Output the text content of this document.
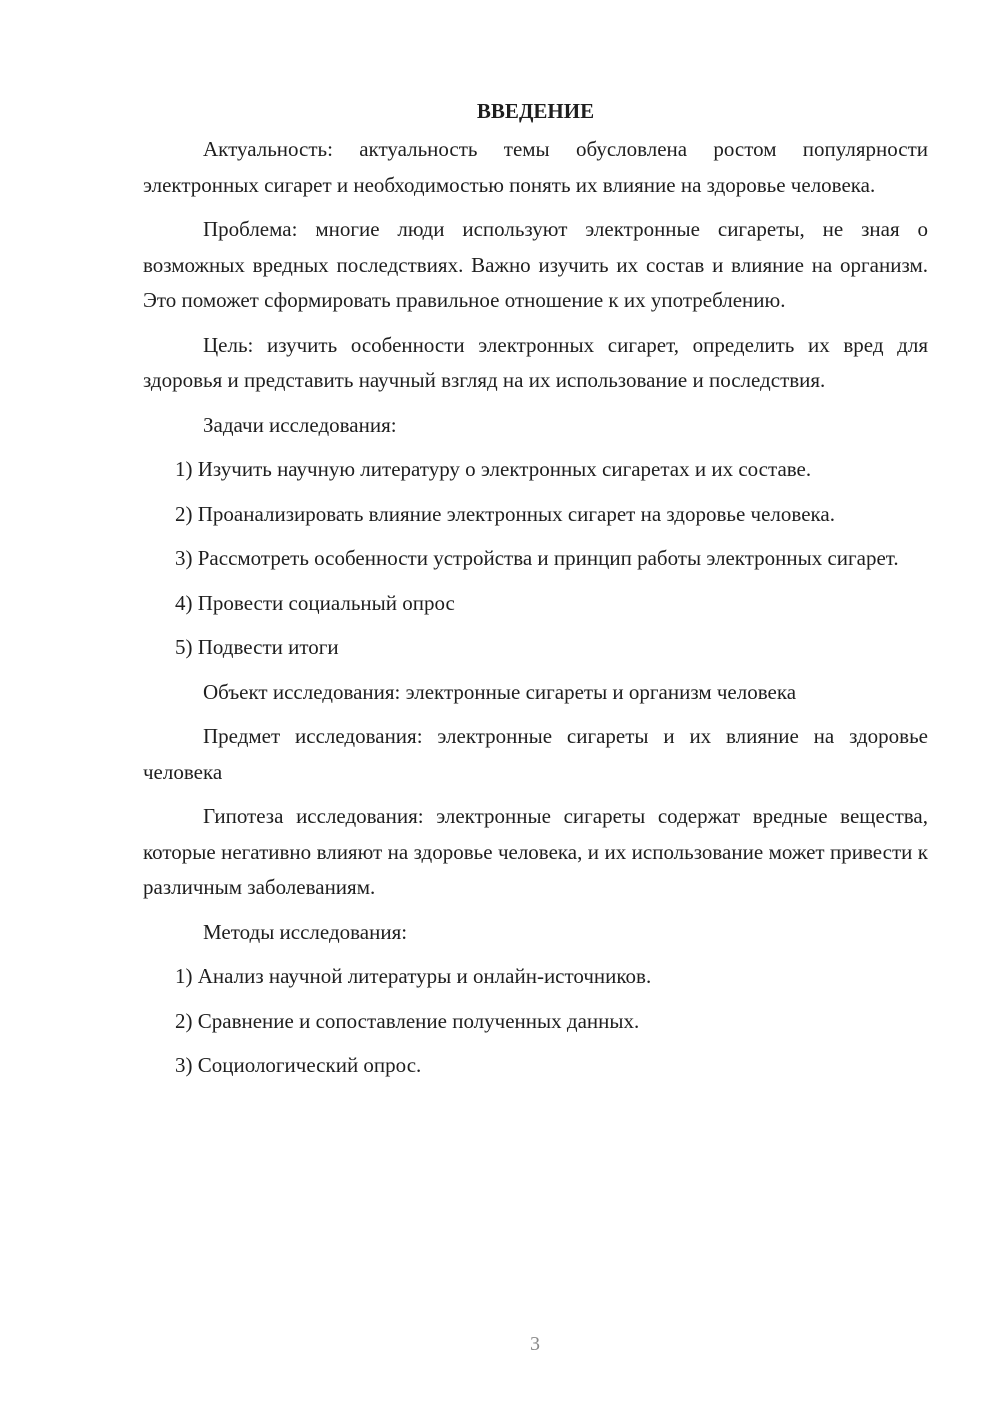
ВВЕДЕНИЕ

Актуальность: актуальность темы обусловлена ростом популярности электронных сигарет и необходимостью понять их влияние на здоровье человека.

Проблема: многие люди используют электронные сигареты, не зная о возможных вредных последствиях. Важно изучить их состав и влияние на организм. Это поможет сформировать правильное отношение к их употреблению.

Цель: изучить особенности электронных сигарет, определить их вред для здоровья и представить научный взгляд на их использование и последствия.

Задачи исследования:

1) Изучить научную литературу о электронных сигаретах и их составе.

2) Проанализировать влияние электронных сигарет на здоровье человека.

3) Рассмотреть особенности устройства и принцип работы электронных сигарет.

4) Провести социальный опрос

5) Подвести итоги

Объект исследования: электронные сигареты и организм человека

Предмет исследования: электронные сигареты и их влияние на здоровье человека

Гипотеза исследования: электронные сигареты содержат вредные вещества, которые негативно влияют на здоровье человека, и их использование может привести к различным заболеваниям.

Методы исследования:

1) Анализ научной литературы и онлайн-источников.

2) Сравнение и сопоставление полученных данных.

3) Социологический опрос.

3
